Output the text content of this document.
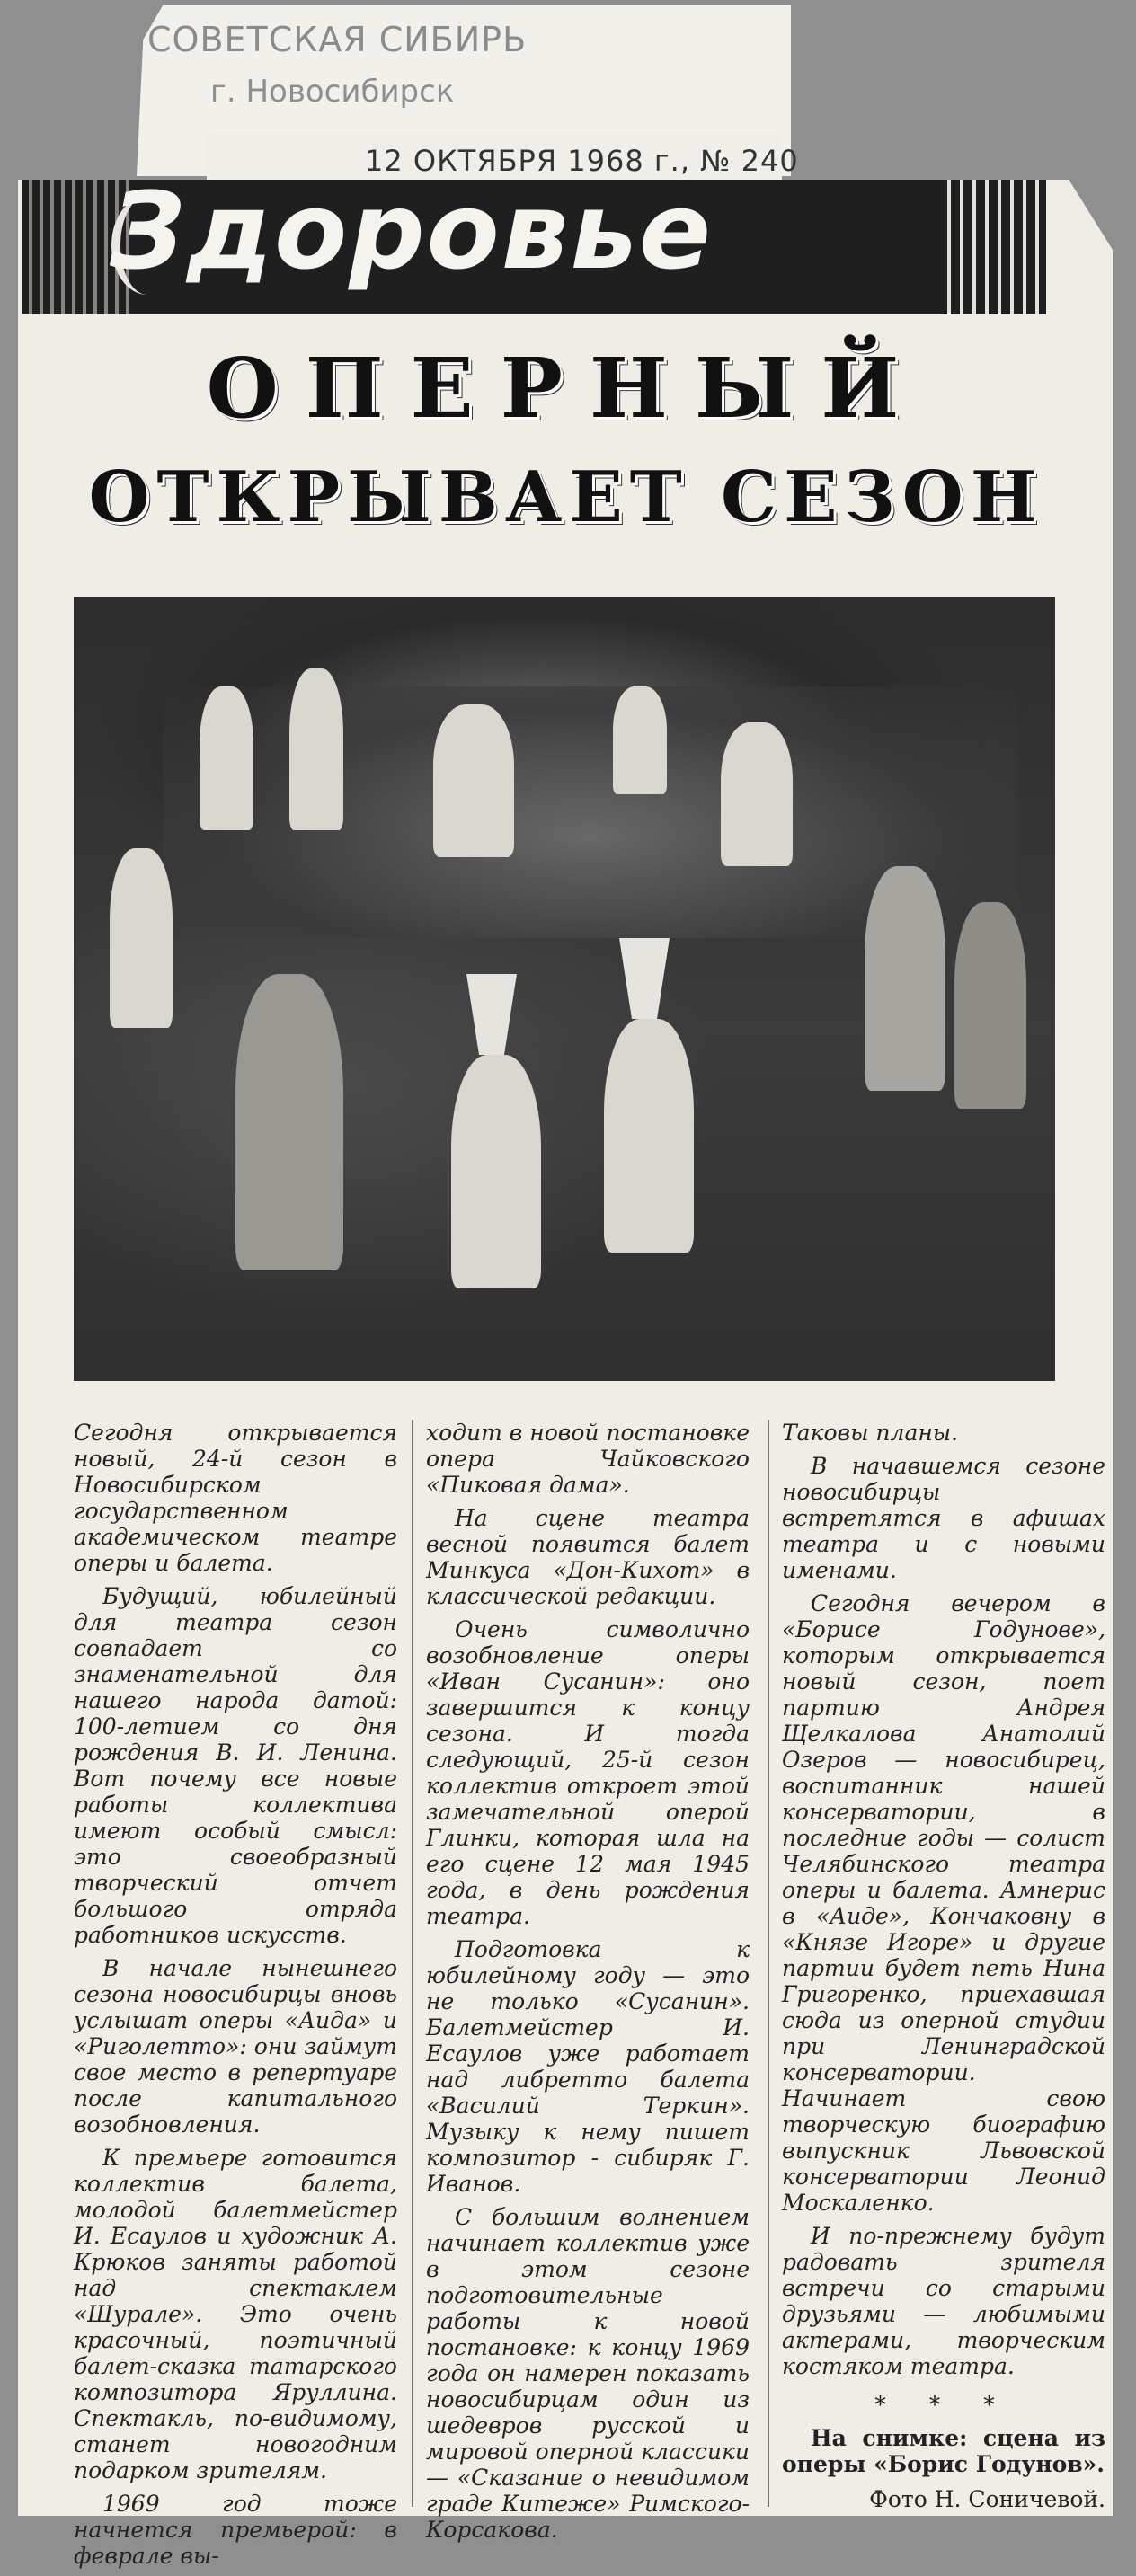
СОВЕТСКАЯ СИБИРЬ
г. Новосибирск
12 ОКТЯБРЯ 1968 г., № 240
Здоровье
ОПЕРНЫЙ
ОТКРЫВАЕТ СЕЗОН

Сегодня открывается новый, 24-й сезон в Новосибирском государственном академическом театре оперы и балета.

Будущий, юбилейный для театра сезон совпадает со знаменательной для нашего народа датой: 100-летием со дня рождения В. И. Ленина. Вот почему все новые работы коллектива имеют особый смысл: это своеобразный творческий отчет большого отряда работников искусств.

В начале нынешнего сезона новосибирцы вновь услышат оперы «Аида» и «Риголетто»: они займут свое место в репертуаре после капитального возобновления.

К премьере готовится коллектив балета, молодой балетмейстер И. Есаулов и художник А. Крюков заняты работой над спектаклем «Шурале». Это очень красочный, поэтичный балет-сказка татарского композитора Яруллина. Спектакль, по-видимому, станет новогодним подарком зрителям.

1969 год тоже начнется премьерой: в феврале вы-

ходит в новой постановке опера Чайковского «Пиковая дама».

На сцене театра весной появится балет Минкуса «Дон-Кихот» в классической редакции.

Очень символично возобновление оперы «Иван Сусанин»: оно завершится к концу сезона. И тогда следующий, 25-й сезон коллектив откроет этой замечательной оперой Глинки, которая шла на его сцене 12 мая 1945 года, в день рождения театра.

Подготовка к юбилейному году — это не только «Сусанин». Балетмейстер И. Есаулов уже работает над либретто балета «Василий Теркин». Музыку к нему пишет композитор - сибиряк Г. Иванов.

С большим волнением начинает коллектив уже в этом сезоне подготовительные работы к новой постановке: к концу 1969 года он намерен показать новосибирцам один из шедевров русской и мировой оперной классики — «Сказание о невидимом граде Китеже» Римского-Корсакова.

Таковы планы.

В начавшемся сезоне новосибирцы встретятся в афишах театра и с новыми именами.

Сегодня вечером в «Борисе Годунове», которым открывается новый сезон, поет партию Андрея Щелкалова Анатолий Озеров — новосибирец, воспитанник нашей консерватории, в последние годы — солист Челябинского театра оперы и балета. Амнерис в «Аиде», Кончаковну в «Князе Игоре» и другие партии будет петь Нина Григоренко, приехавшая сюда из оперной студии при Ленинградской консерватории. Начинает свою творческую биографию выпускник Львовской консерватории Леонид Москаленко.

И по-прежнему будут радовать зрителя встречи со старыми друзьями — любимыми актерами, творческим костяком театра.

* * *

На снимке: сцена из оперы «Борис Годунов».

Фото Н. Соничевой.
